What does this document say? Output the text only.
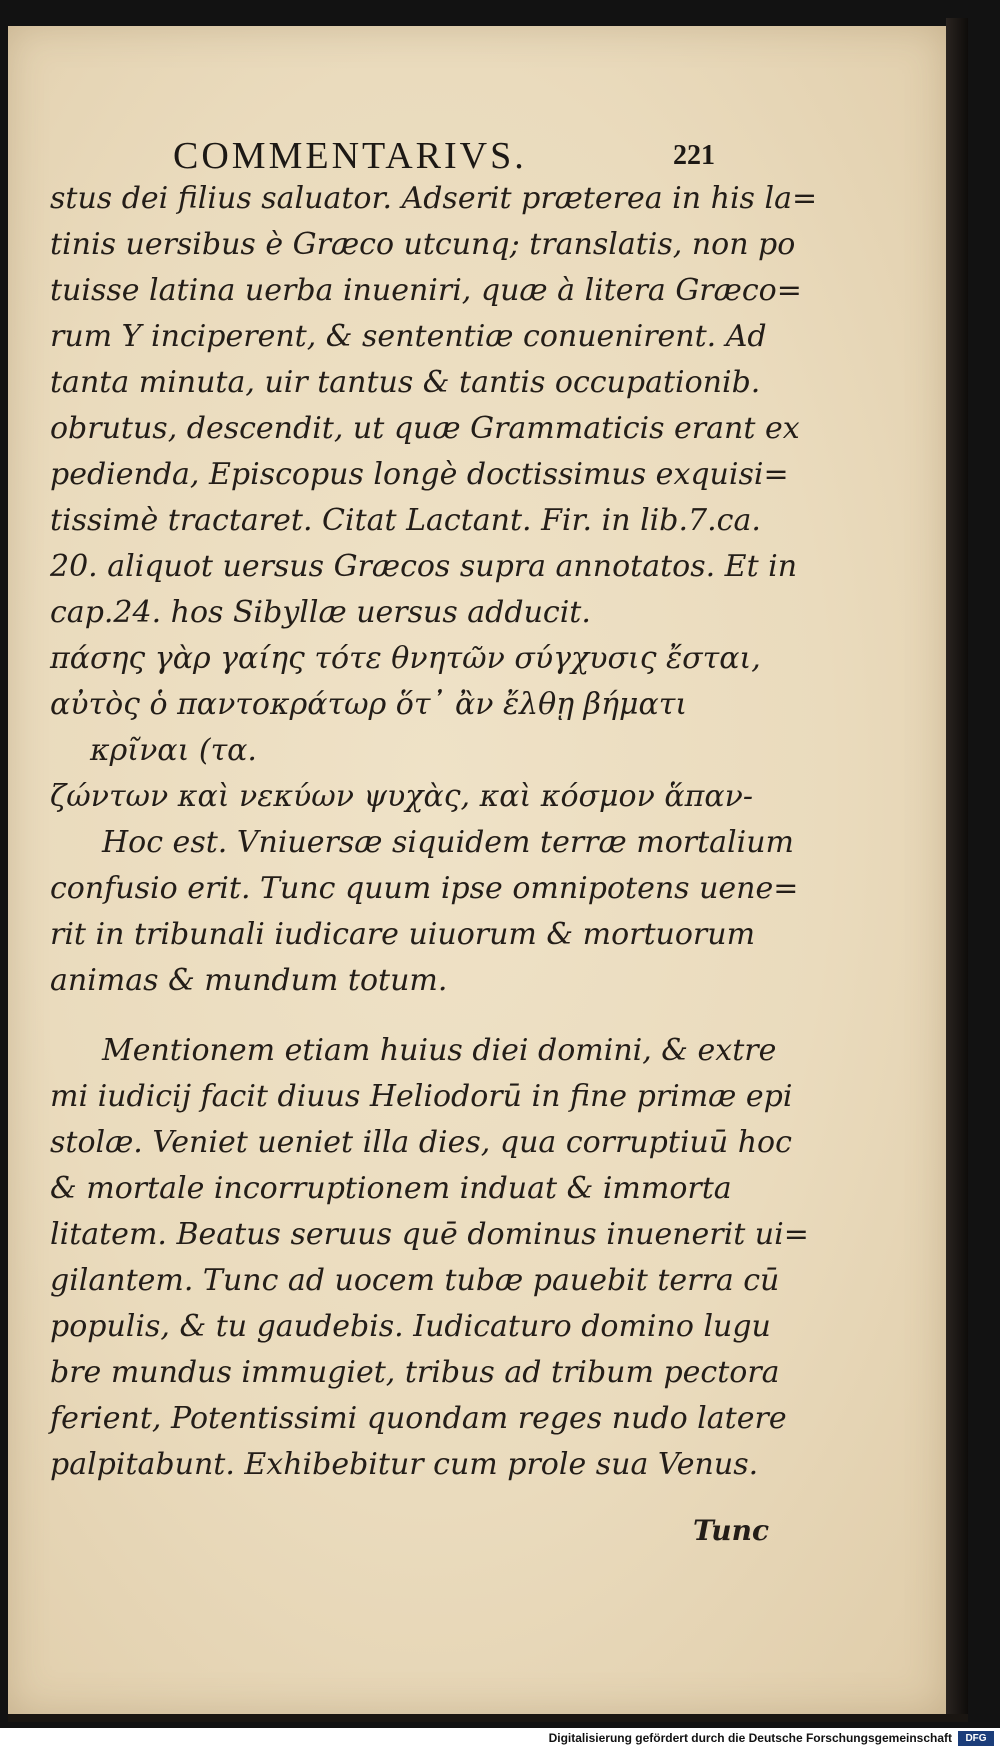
COMMENTARIVS.	221
stus dei filius saluator. Adserit præterea in his la=
tinis uersibus è Græco utcunq; translatis, non po
tuisse latina uerba inueniri, quæ à litera Græco=
rum Y inciperent, & sententiæ conuenirent. Ad
tanta minuta, uir tantus & tantis occupationib.
obrutus, descendit, ut quæ Grammaticis erant ex
pedienda, Episcopus longè doctissimus exquisi=
tissimè tractaret. Citat Lactant. Fir. in lib.7.ca.
20. aliquot uersus Græcos supra annotatos. Et in
cap.24. hos Sibyllæ uersus adducit.
πάσης γὰρ γαίης τότε θνητῶν σύγχυσις ἔσται,
αὐτὸς ὁ παντοκράτωρ ὅτ᾽ ἂν ἔλθῃ βήματι
κρῖναι (τα.
ζώντων καὶ νεκύων ψυχὰς, καὶ κόσμον ἅπαν-
Hoc est. Vniuersæ siquidem terræ mortalium
confusio erit. Tunc quum ipse omnipotens uene=
rit in tribunali iudicare uiuorum & mortuorum
animas & mundum totum.
Mentionem etiam huius diei domini, & extre
mi iudicij facit diuus Heliodorū in fine primæ epi
stolæ. Veniet ueniet illa dies, qua corruptiuū hoc
& mortale incorruptionem induat & immorta
litatem. Beatus seruus quē dominus inuenerit ui=
gilantem. Tunc ad uocem tubæ pauebit terra cū
populis, & tu gaudebis. Iudicaturo domino lugu
bre mundus immugiet, tribus ad tribum pectora
ferient, Potentissimi quondam reges nudo latere
palpitabunt. Exhibebitur cum prole sua Venus.
Tunc
Digitalisierung gefördert durch die Deutsche Forschungsgemeinschaft	DFG
